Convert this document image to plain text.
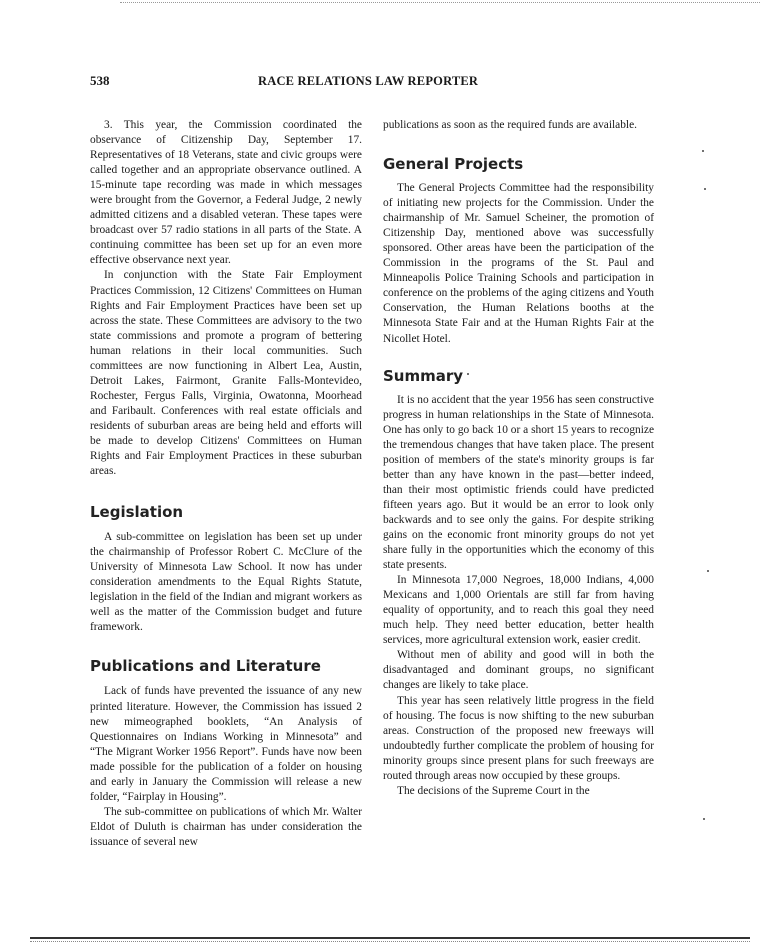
538	RACE RELATIONS LAW REPORTER

3. This year, the Commission coordinated the observance of Citizenship Day, September 17. Representatives of 18 Veterans, state and civic groups were called together and an appropriate observance outlined. A 15-minute tape recording was made in which messages were brought from the Governor, a Federal Judge, 2 newly admitted citizens and a disabled veteran. These tapes were broadcast over 57 radio stations in all parts of the State. A continuing committee has been set up for an even more effective observance next year.

In conjunction with the State Fair Employment Practices Commission, 12 Citizens' Committees on Human Rights and Fair Employment Practices have been set up across the state. These Committees are advisory to the two state commissions and promote a program of bettering human relations in their local communities. Such committees are now functioning in Albert Lea, Austin, Detroit Lakes, Fairmont, Granite Falls-Montevideo, Rochester, Fergus Falls, Virginia, Owatonna, Moorhead and Faribault. Conferences with real estate officials and residents of suburban areas are being held and efforts will be made to develop Citizens' Committees on Human Rights and Fair Employment Practices in these suburban areas.

Legislation

A sub-committee on legislation has been set up under the chairmanship of Professor Robert C. McClure of the University of Minnesota Law School. It now has under consideration amendments to the Equal Rights Statute, legislation in the field of the Indian and migrant workers as well as the matter of the Commission budget and future framework.

Publications and Literature

Lack of funds have prevented the issuance of any new printed literature. However, the Commission has issued 2 new mimeographed booklets, “An Analysis of Questionnaires on Indians Working in Minnesota” and “The Migrant Worker 1956 Report”. Funds have now been made possible for the publication of a folder on housing and early in January the Commission will release a new folder, “Fairplay in Housing”.

The sub-committee on publications of which Mr. Walter Eldot of Duluth is chairman has under consideration the issuance of several new

publications as soon as the required funds are available.

General Projects

The General Projects Committee had the responsibility of initiating new projects for the Commission. Under the chairmanship of Mr. Samuel Scheiner, the promotion of Citizenship Day, mentioned above was successfully sponsored. Other areas have been the participation of the Commission in the programs of the St. Paul and Minneapolis Police Training Schools and participation in conference on the problems of the aging citizens and Youth Conservation, the Human Relations booths at the Minnesota State Fair and at the Human Rights Fair at the Nicollet Hotel.

Summary

It is no accident that the year 1956 has seen constructive progress in human relationships in the State of Minnesota. One has only to go back 10 or a short 15 years to recognize the tremendous changes that have taken place. The present position of members of the state's minority groups is far better than any have known in the past—better indeed, than their most optimistic friends could have predicted fifteen years ago. But it would be an error to look only backwards and to see only the gains. For despite striking gains on the economic front minority groups do not yet share fully in the opportunities which the economy of this state presents.

In Minnesota 17,000 Negroes, 18,000 Indians, 4,000 Mexicans and 1,000 Orientals are still far from having equality of opportunity, and to reach this goal they need much help. They need better education, better health services, more agricultural extension work, easier credit.

Without men of ability and good will in both the disadvantaged and dominant groups, no significant changes are likely to take place.

This year has seen relatively little progress in the field of housing. The focus is now shifting to the new suburban areas. Construction of the proposed new freeways will undoubtedly further complicate the problem of housing for minority groups since present plans for such freeways are routed through areas now occupied by these groups.

The decisions of the Supreme Court in the
